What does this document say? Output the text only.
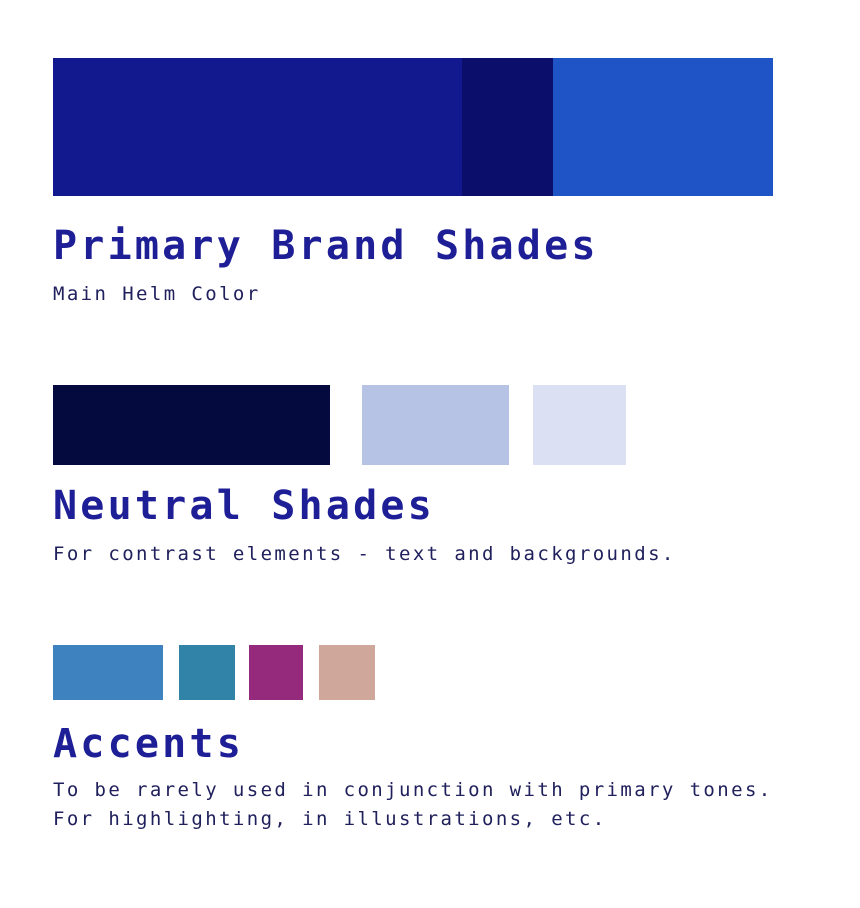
Primary Brand Shades

Main Helm Color

Neutral Shades

For contrast elements - text and backgrounds.

Accents

To be rarely used in conjunction with primary tones.
For highlighting, in illustrations, etc.
